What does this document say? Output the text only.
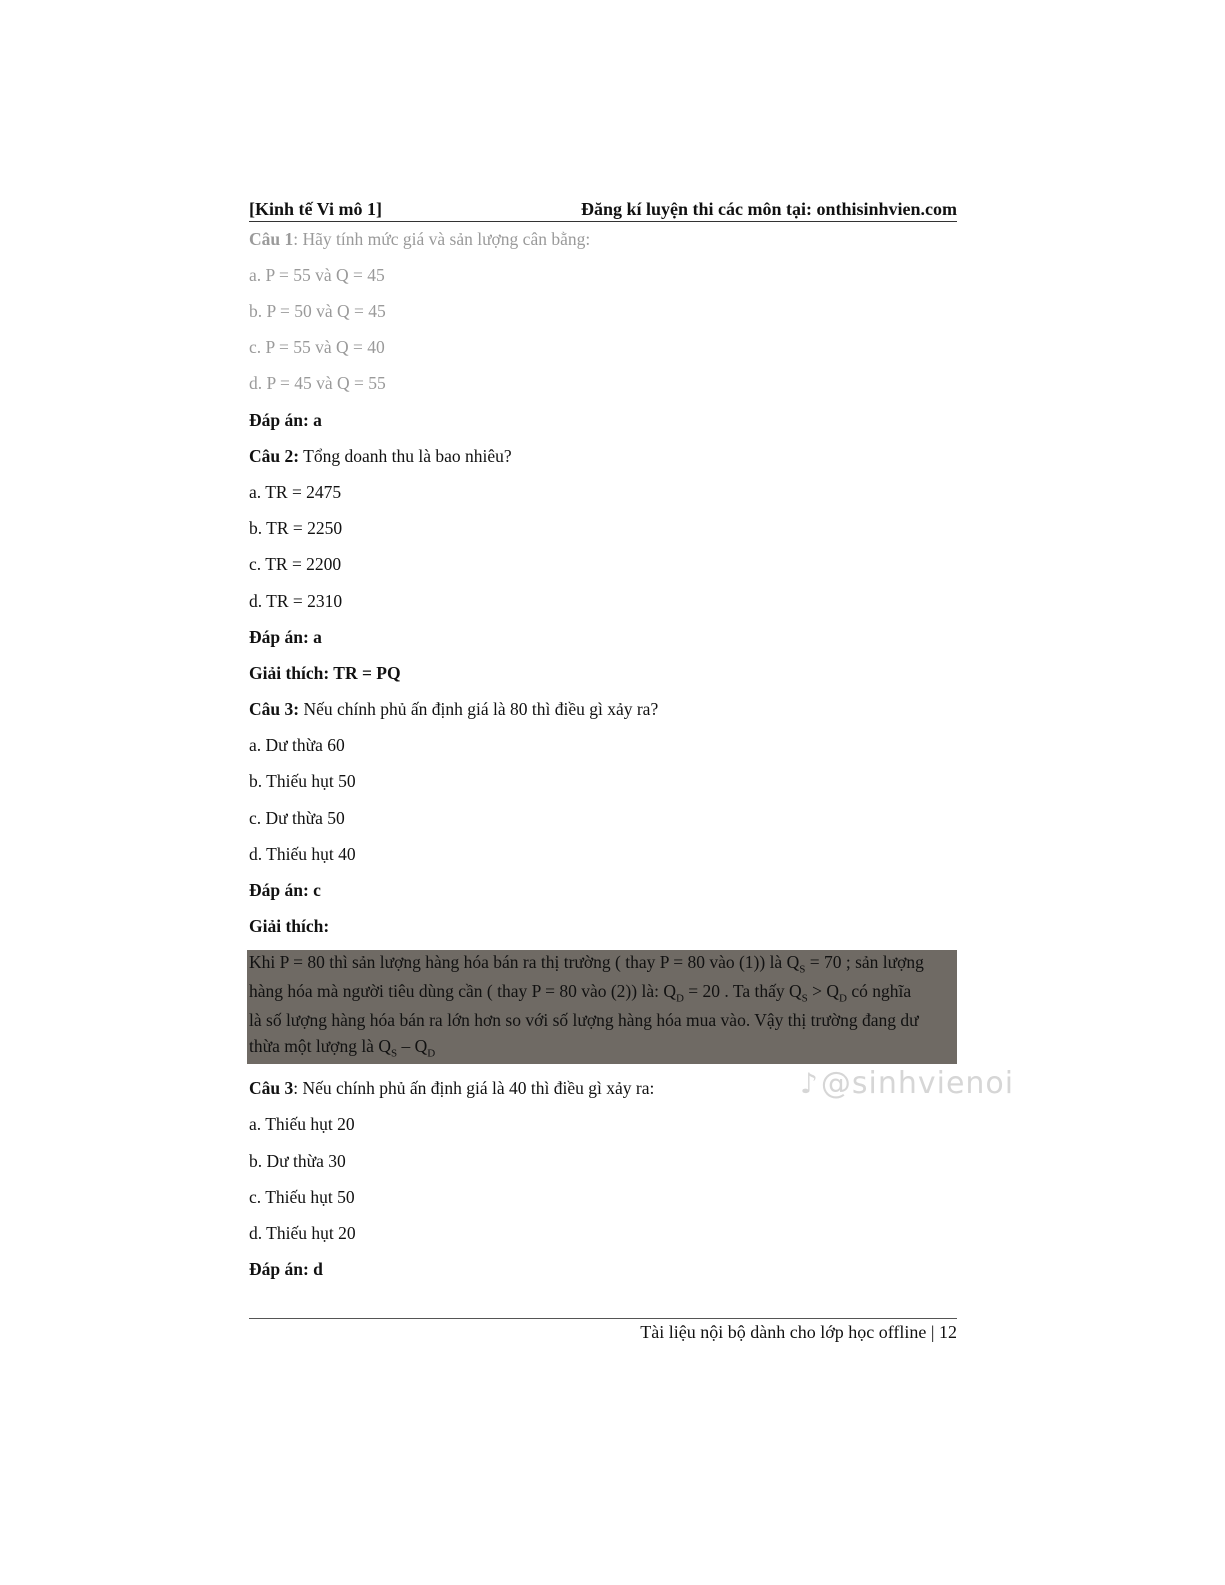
[Kinh tế Vi mô 1]	Đăng kí luyện thi các môn tại: onthisinhvien.com
Câu 1: Hãy tính mức giá và sản lượng cân bằng:
a. P = 55 và Q = 45
b. P = 50 và Q = 45
c. P = 55 và Q = 40
d. P = 45 và Q = 55
Đáp án: a
Câu 2: Tổng doanh thu là bao nhiêu?
a. TR = 2475
b. TR = 2250
c. TR = 2200
d. TR = 2310
Đáp án: a
Giải thích: TR = PQ
Câu 3: Nếu chính phủ ấn định giá là 80 thì điều gì xảy ra?
a. Dư thừa 60
b. Thiếu hụt 50
c. Dư thừa 50
d. Thiếu hụt 40
Đáp án: c
Giải thích:
Khi P = 80 thì sản lượng hàng hóa bán ra thị trường ( thay P = 80 vào (1)) là $Q_S = 70$ ; sản lượng
hàng hóa mà người tiêu dùng cần ( thay P = 80 vào (2)) là: $Q_D = 20$ . Ta thấy $Q_S > Q_D$ có nghĩa
là số lượng hàng hóa bán ra lớn hơn so với số lượng hàng hóa mua vào. Vậy thị trường đang dư
thừa một lượng là $Q_S - Q_D$
Câu 3: Nếu chính phủ ấn định giá là 40 thì điều gì xảy ra:
a. Thiếu hụt 20
b. Dư thừa 30
c. Thiếu hụt 50
d. Thiếu hụt 20
Đáp án: d
Tài liệu nội bộ dành cho lớp học offline | 12
♪@sinhvienoi
